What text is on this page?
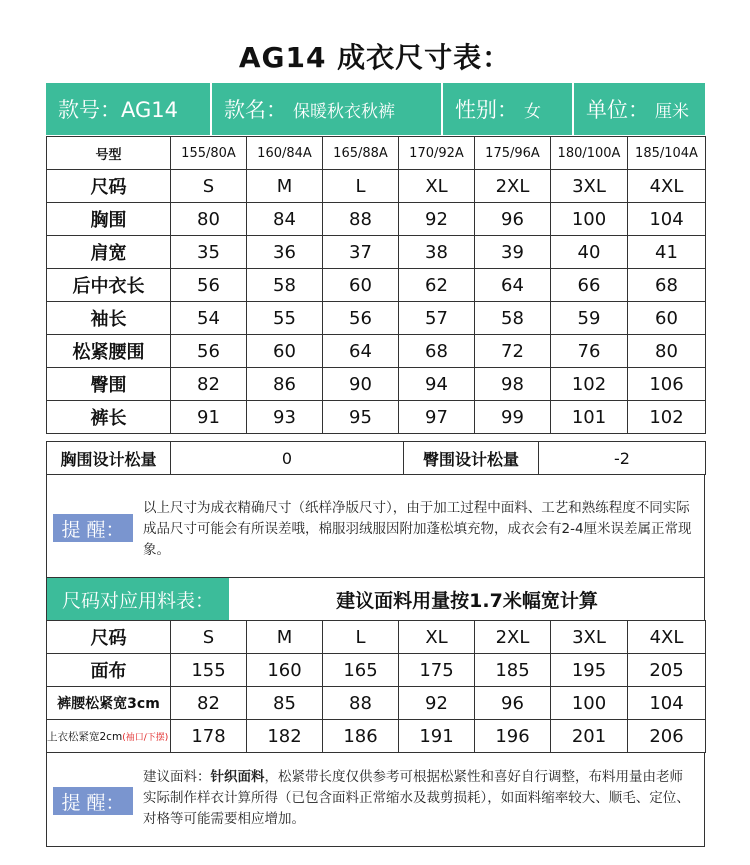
AG14 成衣尺寸表：
款号：AG14 款名： 保暖秋衣秋裤	性别： 女 单位： 厘米
号型	155/80A	160/84A	165/88A	170/92A	175/96A	180/100A	185/104A
尺码	S	M	L	XL	2XL	3XL	4XL
胸围	80	84	88	92	96	100	104
肩宽	35	36	37	38	39	40	41
后中衣长	56	58	60	62	64	66	68
袖长	54	55	56	57	58	59	60
松紧腰围	56	60	64	68	72	76	80
臀围	82	86	90	94	98	102	106
裤长	91	93	95	97	99	101	102
胸围设计松量	0	臀围设计松量	-2
提 醒：
以上尺寸为成衣精确尺寸（纸样净版尺寸），由于加工过程中面料、工艺和熟练程度不同实际成品尺寸可能会有所误差哦，棉服羽绒服因附加蓬松填充物，成衣会有2-4厘米误差属正常现象。
尺码对应用料表：	建议面料用量按1.7米幅宽计算
尺码	S	M	L	XL	2XL	3XL	4XL
面布	155	160	165	175	185	195	205
裤腰松紧宽3cm	82	85	88	92	96	100	104
上衣松紧宽2cm(袖口/下摆)	178	182	186	191	196	201	206
提 醒：
建议面料：针织面料，松紧带长度仅供参考可根据松紧性和喜好自行调整，布料用量由老师实际制作样衣计算所得（已包含面料正常缩水及裁剪损耗），如面料缩率较大、顺毛、定位、对格等可能需要相应增加。
